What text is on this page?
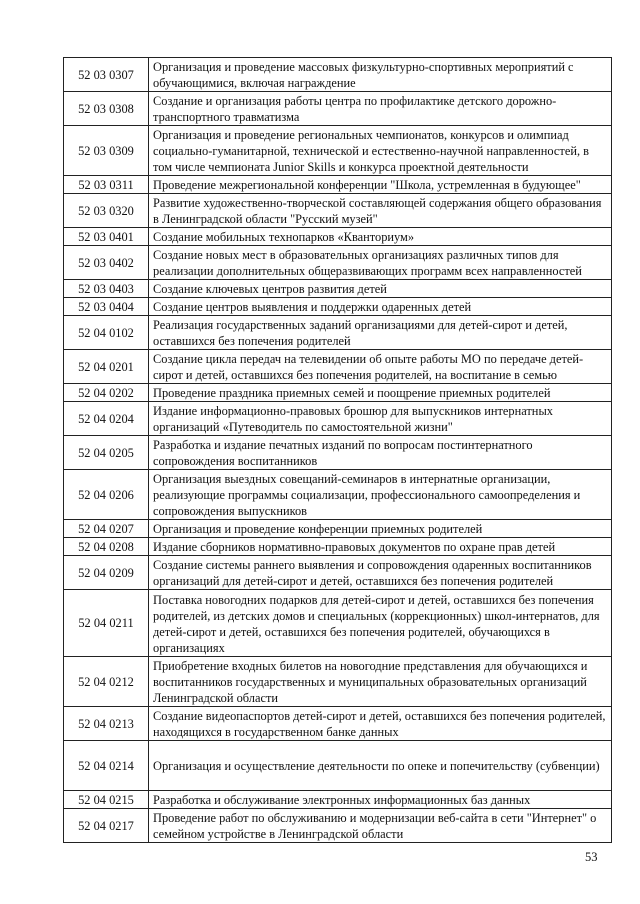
52 03 0307	Организация и проведение массовых физкультурно-спортивных мероприятий с обучающимися, включая награждение
52 03 0308	Создание и организация работы центра по профилактике детского дорожно-транспортного травматизма
52 03 0309	Организация и проведение региональных чемпионатов, конкурсов и олимпиад социально-гуманитарной, технической и естественно-научной направленностей, в том числе чемпионата Junior Skills и конкурса проектной деятельности
52 03 0311	Проведение межрегиональной конференции "Школа, устремленная в будующее"
52 03 0320	Развитие художественно-творческой составляющей содержания общего образования в Ленинградской области "Русский музей"
52 03 0401	Создание мобильных технопарков «Кванториум»
52 03 0402	Создание новых мест в образовательных организациях различных типов для реализации дополнительных общеразвивающих программ всех направленностей
52 03 0403	Создание ключевых центров развития детей
52 03 0404	Создание центров выявления и поддержки одаренных детей
52 04 0102	Реализация государственных заданий организациями для детей-сирот и детей, оставшихся без попечения родителей
52 04 0201	Создание цикла передач на телевидении об опыте работы МО по передаче детей-сирот и детей, оставшихся без попечения родителей, на воспитание в семью
52 04 0202	Проведение праздника приемных семей и поощрение приемных родителей
52 04 0204	Издание информационно-правовых брошюр для выпускников интернатных организаций «Путеводитель по самостоятельной жизни"
52 04 0205	Разработка и издание печатных изданий по вопросам постинтернатного сопровождения воспитанников
52 04 0206	Организация выездных совещаний-семинаров в интернатные организации, реализующие программы социализации, профессионального самоопределения и сопровождения выпускников
52 04 0207	Организация и проведение конференции приемных родителей
52 04 0208	Издание сборников нормативно-правовых документов по охране прав детей
52 04 0209	Создание системы раннего выявления и сопровождения одаренных воспитанников организаций для детей-сирот и детей, оставшихся без попечения родителей
52 04 0211	Поставка новогодних подарков для детей-сирот и детей, оставшихся без попечения родителей, из детских домов и специальных (коррекционных) школ-интернатов, для детей-сирот и детей, оставшихся без попечения родителей, обучающихся в организациях
52 04 0212	Приобретение входных билетов на новогодние представления для обучающихся и воспитанников государственных и муниципальных образовательных организаций Ленинградской области
52 04 0213	Создание видеопаспортов детей-сирот и детей, оставшихся без попечения родителей, находящихся в государственном банке данных
52 04 0214	Организация и осуществление деятельности по опеке и попечительству (субвенции)
52 04 0215	Разработка и обслуживание электронных информационных баз данных
52 04 0217	Проведение работ по обслуживанию и модернизации веб-сайта в сети "Интернет" о семейном устройстве в Ленинградской области
53
